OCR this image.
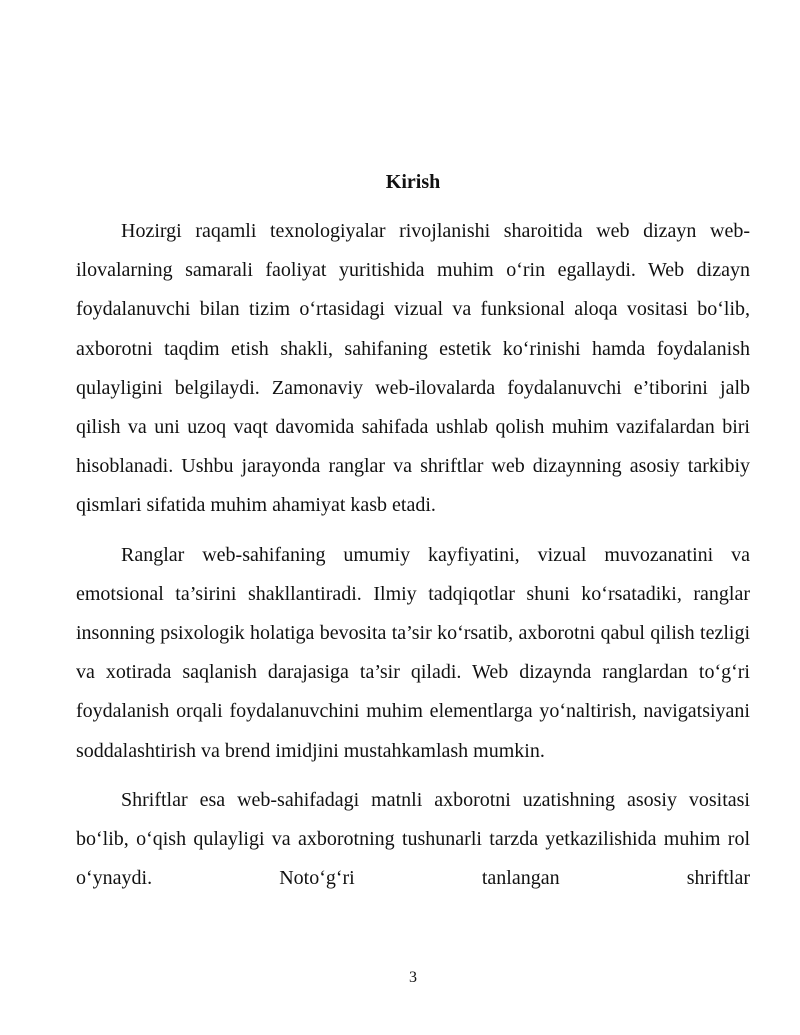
Kirish

Hozirgi raqamli texnologiyalar rivojlanishi sharoitida web dizayn web-ilovalarning samarali faoliyat yuritishida muhim o‘rin egallaydi. Web dizayn foydalanuvchi bilan tizim o‘rtasidagi vizual va funksional aloqa vositasi bo‘lib, axborotni taqdim etish shakli, sahifaning estetik ko‘rinishi hamda foydalanish qulayligini belgilaydi. Zamonaviy web-ilovalarda foydalanuvchi e’tiborini jalb qilish va uni uzoq vaqt davomida sahifada ushlab qolish muhim vazifalardan biri hisoblanadi. Ushbu jarayonda ranglar va shriftlar web dizaynning asosiy tarkibiy qismlari sifatida muhim ahamiyat kasb etadi.

Ranglar web-sahifaning umumiy kayfiyatini, vizual muvozanatini va emotsional ta’sirini shakllantiradi. Ilmiy tadqiqotlar shuni ko‘rsatadiki, ranglar insonning psixologik holatiga bevosita ta’sir ko‘rsatib, axborotni qabul qilish tezligi va xotirada saqlanish darajasiga ta’sir qiladi. Web dizaynda ranglardan to‘g‘ri foydalanish orqali foydalanuvchini muhim elementlarga yo‘naltirish, navigatsiyani soddalashtirish va brend imidjini mustahkamlash mumkin.

Shriftlar esa web-sahifadagi matnli axborotni uzatishning asosiy vositasi bo‘lib, o‘qish qulayligi va axborotning tushunarli tarzda yetkazilishida muhim rol o‘ynaydi. Noto‘g‘ri tanlangan shriftlar

3
